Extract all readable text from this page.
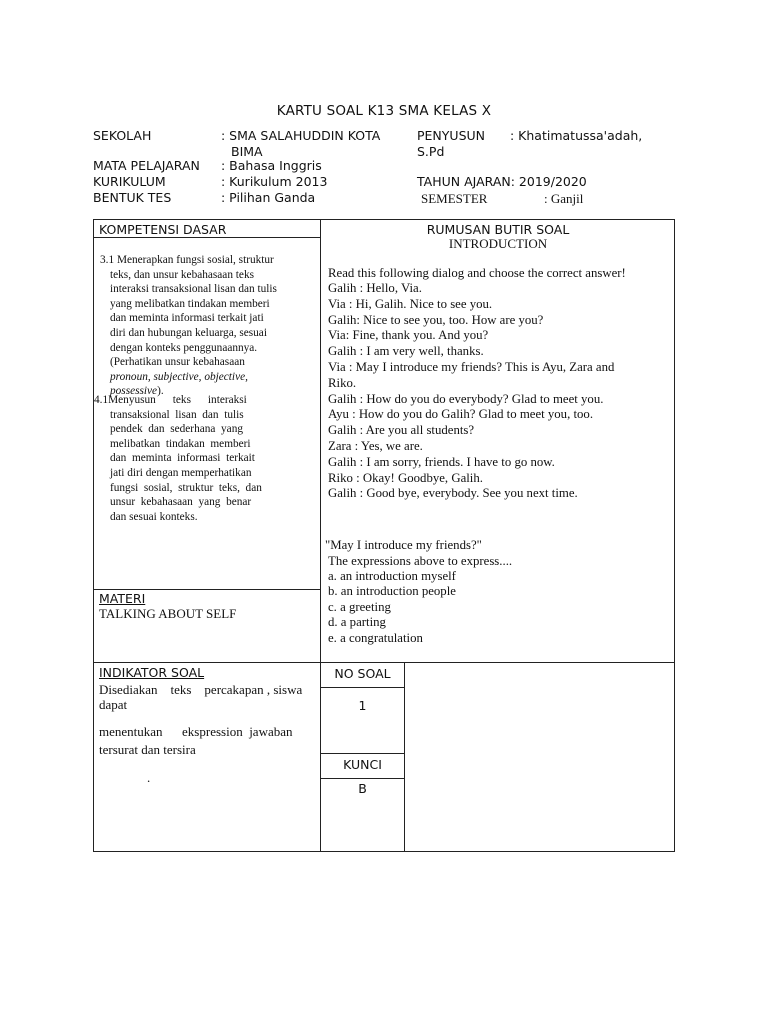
KARTU SOAL K13 SMA KELAS X
SEKOLAH	: SMA SALAHUDDIN KOTA
BIMA
MATA PELAJARAN : Bahasa Inggris
KURIKULUM	: Kurikulum 2013
BENTUK TES	: Pilihan Ganda
PENYUSUN : Khatimatussa'adah,
S.Pd
TAHUN AJARAN: 2019/2020
SEMESTER	: Ganjil
KOMPETENSI DASAR
3.1 Menerapkan fungsi sosial, struktur
teks, dan unsur kebahasaan teks
interaksi transaksional lisan dan tulis
yang melibatkan tindakan memberi
dan meminta informasi terkait jati
diri dan hubungan keluarga, sesuai
dengan konteks penggunaannya.
(Perhatikan unsur kebahasaan
pronoun, subjective, objective,
possessive).
4.1Menyusun      teks      interaksi
transaksional  lisan  dan  tulis
pendek  dan  sederhana  yang
melibatkan  tindakan  memberi
dan  meminta  informasi  terkait
jati diri dengan memperhatikan
fungsi  sosial,  struktur  teks,  dan
unsur  kebahasaan  yang  benar
dan sesuai konteks.
MATERI
TALKING ABOUT SELF
INDIKATOR SOAL
Disediakan    teks    percakapan , siswa
dapat
menentukan      ekspression  jawaban
tersurat dan tersira
.
RUMUSAN BUTIR SOAL
INTRODUCTION
Read this following dialog and choose the correct answer!
Galih : Hello, Via.
Via : Hi, Galih. Nice to see you.
Galih: Nice to see you, too. How are you?
Via: Fine, thank you. And you?
Galih : I am very well, thanks.
Via : May I introduce my friends? This is Ayu, Zara and
Riko.
Galih : How do you do everybody? Glad to meet you.
Ayu : How do you do Galih? Glad to meet you, too.
Galih : Are you all students?
Zara : Yes, we are.
Galih : I am sorry, friends. I have to go now.
Riko : Okay! Goodbye, Galih.
Galih : Good bye, everybody. See you next time.
"May I introduce my friends?"
The expressions above to express....
a. an introduction myself
b. an introduction people
c. a greeting
d. a parting
e. a congratulation
NO SOAL
1
KUNCI
B
